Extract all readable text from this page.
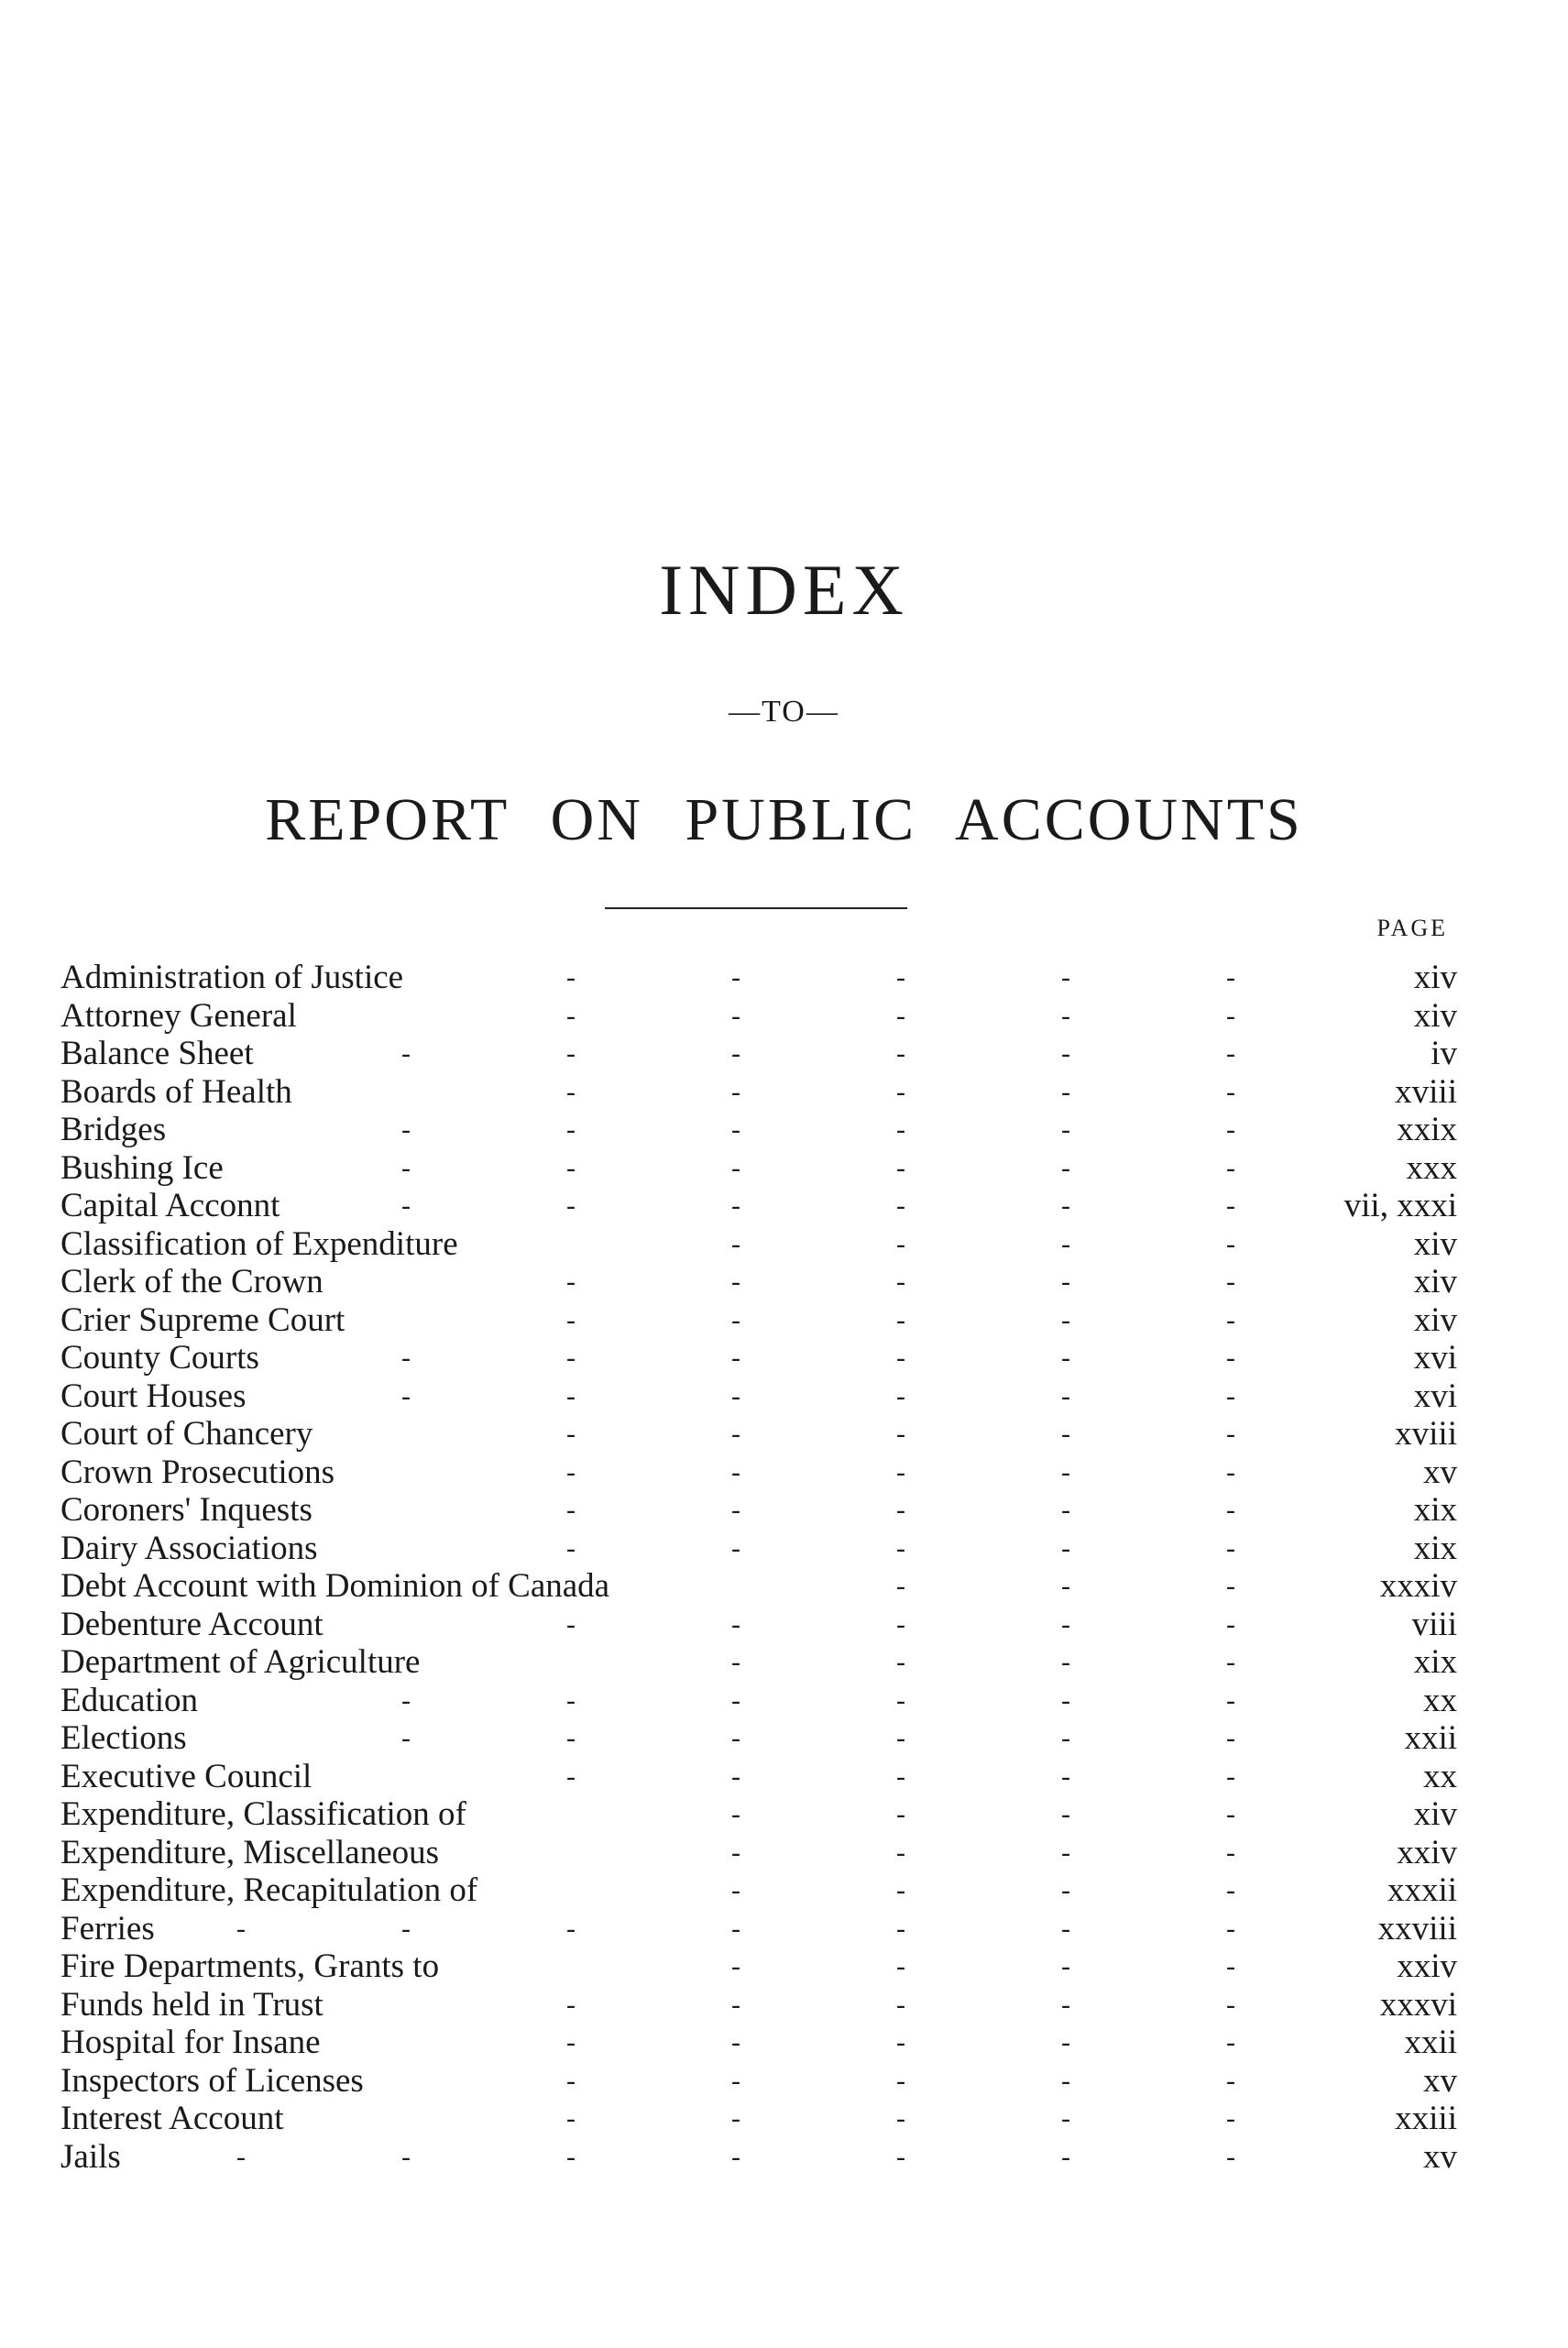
INDEX
—TO—
REPORT ON PUBLIC ACCOUNTS
PAGE
Administration of Justice	-	-	-	-	-	xiv
Attorney General	-	-	-	-	-	xiv
Balance Sheet	-	-	-	-	-	-	iv
Boards of Health	-	-	-	-	-	xviii
Bridges	-	-	-	-	-	-	xxix
Bushing Ice	-	-	-	-	-	-	xxx
Capital Acconnt	-	-	-	-	-	-	vii, xxxi
Classification of Expenditure	-	-	-	-	xiv
Clerk of the Crown	-	-	-	-	-	xiv
Crier Supreme Court	-	-	-	-	-	xiv
County Courts	-	-	-	-	-	-	xvi
Court Houses	-	-	-	-	-	-	xvi
Court of Chancery	-	-	-	-	-	xviii
Crown Prosecutions	-	-	-	-	-	xv
Coroners' Inquests	-	-	-	-	-	xix
Dairy Associations	-	-	-	-	-	xix
Debt Account with Dominion of Canada	-	-	-	xxxiv
Debenture Account	-	-	-	-	-	viii
Department of Agriculture	-	-	-	-	xix
Education	-	-	-	-	-	-	xx
Elections	-	-	-	-	-	-	xxii
Executive Council	-	-	-	-	-	xx
Expenditure, Classification of	-	-	-	-	xiv
Expenditure, Miscellaneous	-	-	-	-	xxiv
Expenditure, Recapitulation of	-	-	-	-	xxxii
Ferries	-	-	-	-	-	-	-	xxviii
Fire Departments, Grants to	-	-	-	-	xxiv
Funds held in Trust	-	-	-	-	-	xxxvi
Hospital for Insane	-	-	-	-	-	xxii
Inspectors of Licenses	-	-	-	-	-	xv
Interest Account	-	-	-	-	-	xxiii
Jails	-	-	-	-	-	-	-	xv
